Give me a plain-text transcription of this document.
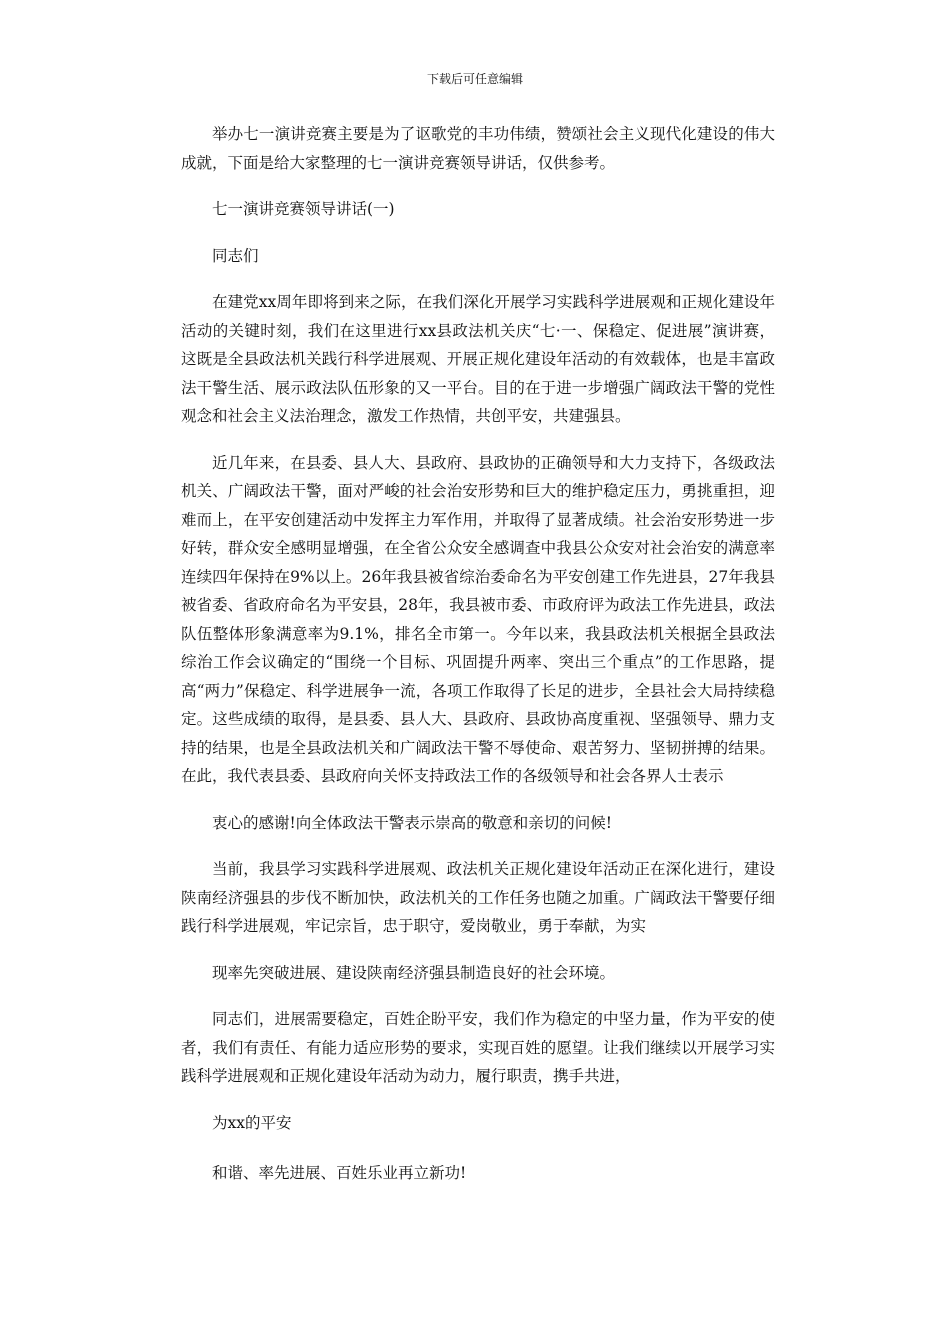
下载后可任意编辑

举办七一演讲竞赛主要是为了讴歌党的丰功伟绩，赞颂社会主义现代化建设的伟大成就，下面是给大家整理的七一演讲竞赛领导讲话，仅供参考。

七一演讲竞赛领导讲话(一)

同志们

在建党xx周年即将到来之际，在我们深化开展学习实践科学进展观和正规化建设年活动的关键时刻，我们在这里进行xx县政法机关庆“七·一、保稳定、促进展”演讲赛，这既是全县政法机关践行科学进展观、开展正规化建设年活动的有效载体，也是丰富政法干警生活、展示政法队伍形象的又一平台。目的在于进一步增强广阔政法干警的党性观念和社会主义法治理念，激发工作热情，共创平安，共建强县。

近几年来，在县委、县人大、县政府、县政协的正确领导和大力支持下，各级政法机关、广阔政法干警，面对严峻的社会治安形势和巨大的维护稳定压力，勇挑重担，迎难而上，在平安创建活动中发挥主力军作用，并取得了显著成绩。社会治安形势进一步好转，群众安全感明显增强，在全省公众安全感调查中我县公众安对社会治安的满意率连续四年保持在9%以上。26年我县被省综治委命名为平安创建工作先进县，27年我县被省委、省政府命名为平安县，28年，我县被市委、市政府评为政法工作先进县，政法队伍整体形象满意率为9.1%，排名全市第一。今年以来，我县政法机关根据全县政法综治工作会议确定的“围绕一个目标、巩固提升两率、突出三个重点”的工作思路，提高“两力”保稳定、科学进展争一流，各项工作取得了长足的进步，全县社会大局持续稳定。这些成绩的取得，是县委、县人大、县政府、县政协高度重视、坚强领导、鼎力支持的结果，也是全县政法机关和广阔政法干警不辱使命、艰苦努力、坚韧拼搏的结果。在此，我代表县委、县政府向关怀支持政法工作的各级领导和社会各界人士表示

衷心的感谢!向全体政法干警表示崇高的敬意和亲切的问候!

当前，我县学习实践科学进展观、政法机关正规化建设年活动正在深化进行，建设陕南经济强县的步伐不断加快，政法机关的工作任务也随之加重。广阔政法干警要仔细践行科学进展观，牢记宗旨，忠于职守，爱岗敬业，勇于奉献，为实

现率先突破进展、建设陕南经济强县制造良好的社会环境。

同志们，进展需要稳定，百姓企盼平安，我们作为稳定的中坚力量，作为平安的使者，我们有责任、有能力适应形势的要求，实现百姓的愿望。让我们继续以开展学习实践科学进展观和正规化建设年活动为动力，履行职责，携手共进，

为xx的平安

和谐、率先进展、百姓乐业再立新功!
